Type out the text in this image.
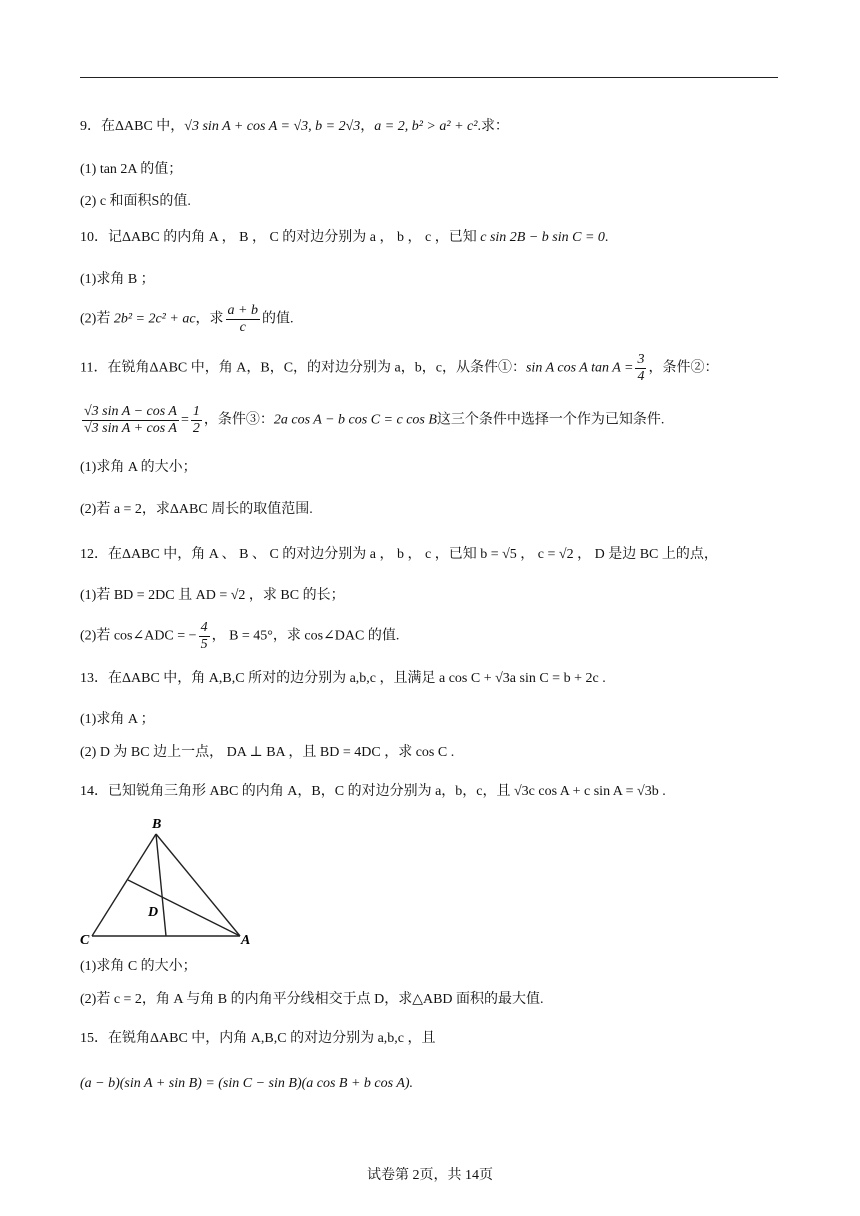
9．在ΔABC 中，√3 sin A + cos A = √3, b = 2√3，a = 2, b² > a² + c².求：
(1) tan 2A 的值；
(2) c 和面积S的值.
10．记ΔABC 的内角 A ， B ， C 的对边分别为 a ， b ， c ，已知 c sin 2B − b sin C = 0.
(1)求角 B ；
(2)若 2b² = 2c² + ac，求 $\frac{a + b}{c}$ 的值.
11．在锐角ΔABC 中，角 A，B，C，的对边分别为 a，b，c，从条件①：sin A cos A $\tan A = \frac{3}{4}$ ，条件②：
$\frac{\text{√3 sin A − cos A}}{\text{√3 sin A + cos A}} = \frac{1}{2}$ ，条件③：2a cos A − b cos C = c cos B这三个条件中选择一个作为已知条件.
(1)求角 A 的大小；
(2)若 a = 2，求ΔABC 周长的取值范围.
12．在ΔABC 中，角 A 、 B 、 C 的对边分别为 a ， b ， c ，已知 b = √5 ， c = √2 ， D 是边 BC 上的点，
(1)若 BD = 2DC 且 AD = √2 ，求 BC 的长；
(2)若 cos∠ADC = − $\frac{4}{5}$ ， B = 45°，求 cos∠DAC 的值.
13．在ΔABC 中，角 A,B,C 所对的边分别为 a,b,c ，且满足 a cos C + √3a sin C = b + 2c .
(1)求角 A ；
(2) D 为 BC 边上一点， DA ⊥ BA ，且 BD = 4DC ，求 cos C .
14．已知锐角三角形 ABC 的内角 A，B，C 的对边分别为 a，b，c，且 √3c cos A + c sin A = √3b .
B
C	A
D
(1)求角 C 的大小；
(2)若 c = 2，角 A 与角 B 的内角平分线相交于点 D，求△ABD 面积的最大值.
15．在锐角ΔABC 中，内角 A,B,C 的对边分别为 a,b,c ，且
(a − b)(sin A + sin B) = (sin C − sin B)(a cos B + b cos A).
试卷第 2页，共 14页
